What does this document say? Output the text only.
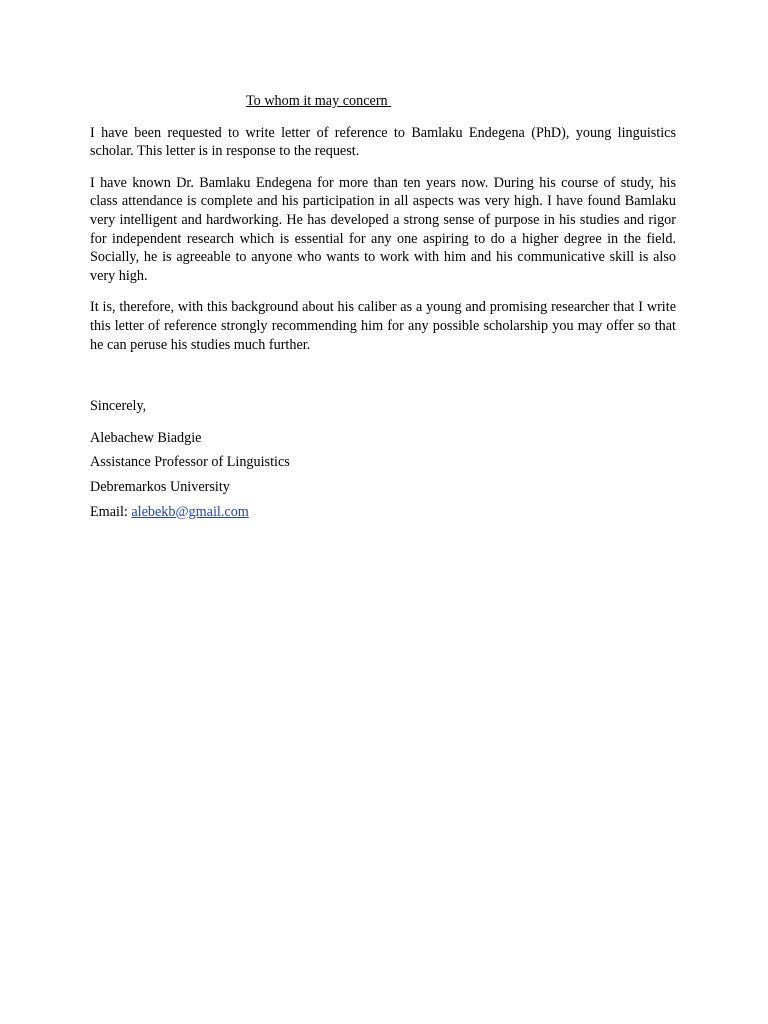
To whom it may concern

I have been requested to write letter of reference to Bamlaku Endegena (PhD), young linguistics scholar. This letter is in response to the request.

I have known Dr. Bamlaku Endegena for more than ten years now. During his course of study, his class attendance is complete and his participation in all aspects was very high. I have found Bamlaku very intelligent and hardworking. He has developed a strong sense of purpose in his studies and rigor for independent research which is essential for any one aspiring to do a higher degree in the field. Socially, he is agreeable to anyone who wants to work with him and his communicative skill is also very high.

It is, therefore, with this background about his caliber as a young and promising researcher that I write this letter of reference strongly recommending him for any possible scholarship you may offer so that he can peruse his studies much further.

Sincerely,

Alebachew Biadgie

Assistance Professor of Linguistics

Debremarkos University

Email: alebekb@gmail.com
